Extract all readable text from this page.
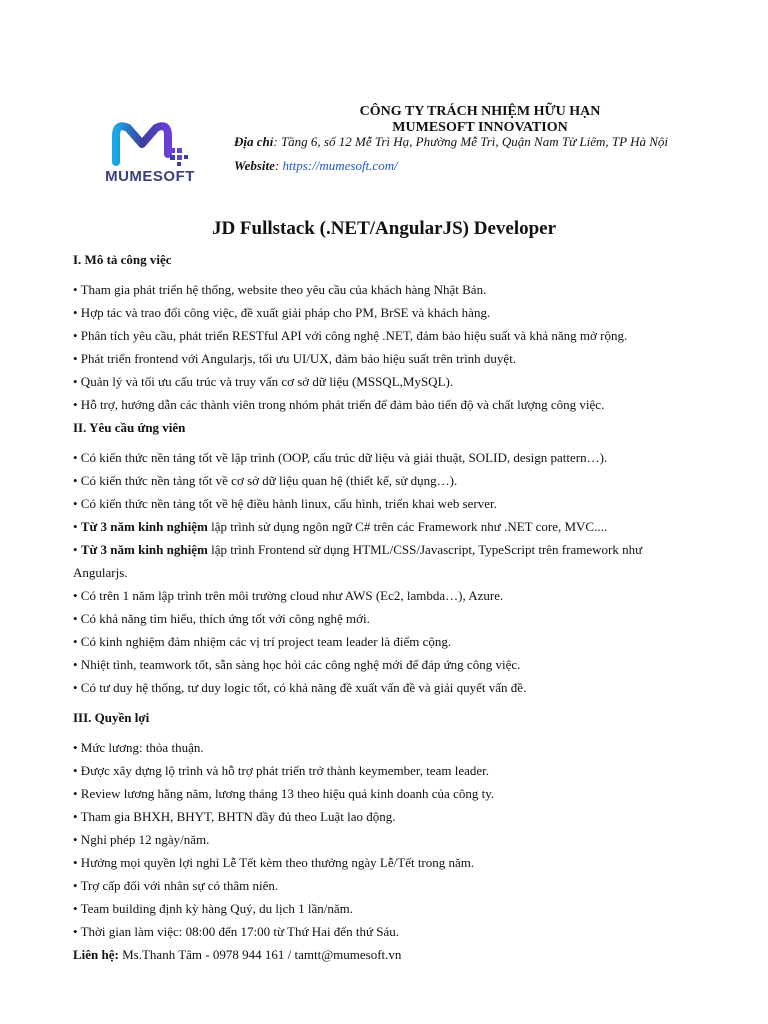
MUMESOFT
CÔNG TY TRÁCH NHIỆM HỮU HẠN
MUMESOFT INNOVATION
Địa chỉ: Tầng 6, số 12 Mễ Trì Hạ, Phường Mễ Trì, Quận Nam Từ Liêm, TP Hà Nội
Website: https://mumesoft.com/
JD Fullstack (.NET/AngularJS) Developer
I. Mô tả công việc
• Tham gia phát triển hệ thống, website theo yêu cầu của khách hàng Nhật Bản.
• Hợp tác và trao đổi công việc, đề xuất giải pháp cho PM, BrSE và khách hàng.
• Phân tích yêu cầu, phát triển RESTful API với công nghệ .NET, đảm bảo hiệu suất và khả năng mở rộng.
• Phát triển frontend với Angularjs, tối ưu UI/UX, đảm bảo hiệu suất trên trình duyệt.
• Quản lý và tối ưu cấu trúc và truy vấn cơ sở dữ liệu (MSSQL,MySQL).
• Hỗ trợ, hướng dẫn các thành viên trong nhóm phát triển để đảm bảo tiến độ và chất lượng công việc.
II. Yêu cầu ứng viên
• Có kiến thức nền tảng tốt về lập trình (OOP, cấu trúc dữ liệu và giải thuật, SOLID, design pattern…).
• Có kiến thức nền tảng tốt về cơ sở dữ liệu quan hệ (thiết kế, sử dụng…).
• Có kiến thức nền tảng tốt về hệ điều hành linux, cấu hình, triển khai web server.
• Từ 3 năm kinh nghiệm lập trình sử dụng ngôn ngữ C# trên các Framework như .NET core, MVC....
• Từ 3 năm kinh nghiệm lập trình Frontend sử dụng HTML/CSS/Javascript, TypeScript trên framework như
Angularjs.
• Có trên 1 năm lập trình trên môi trường cloud như AWS (Ec2, lambda…), Azure.
• Có khả năng tìm hiểu, thích ứng tốt với công nghệ mới.
• Có kinh nghiệm đảm nhiệm các vị trí project team leader là điểm cộng.
• Nhiệt tình, teamwork tốt, sẵn sàng học hỏi các công nghệ mới để đáp ứng công việc.
• Có tư duy hệ thống, tư duy logic tốt, có khả năng đề xuất vấn đề và giải quyết vấn đề.
III. Quyền lợi
• Mức lương: thỏa thuận.
• Được xây dựng lộ trình và hỗ trợ phát triển trở thành keymember, team leader.
• Review lương hằng năm, lương tháng 13 theo hiệu quả kinh doanh của công ty.
• Tham gia BHXH, BHYT, BHTN đầy đủ theo Luật lao động.
• Nghỉ phép 12 ngày/năm.
• Hưởng mọi quyền lợi nghỉ Lễ Tết kèm theo thưởng ngày Lễ/Tết trong năm.
• Trợ cấp đối với nhân sự có thâm niên.
• Team building định kỳ hàng Quý, du lịch 1 lần/năm.
• Thời gian làm việc: 08:00 đến 17:00 từ Thứ Hai đến thứ Sáu.
Liên hệ: Ms.Thanh Tâm - 0978 944 161 / tamtt@mumesoft.vn
